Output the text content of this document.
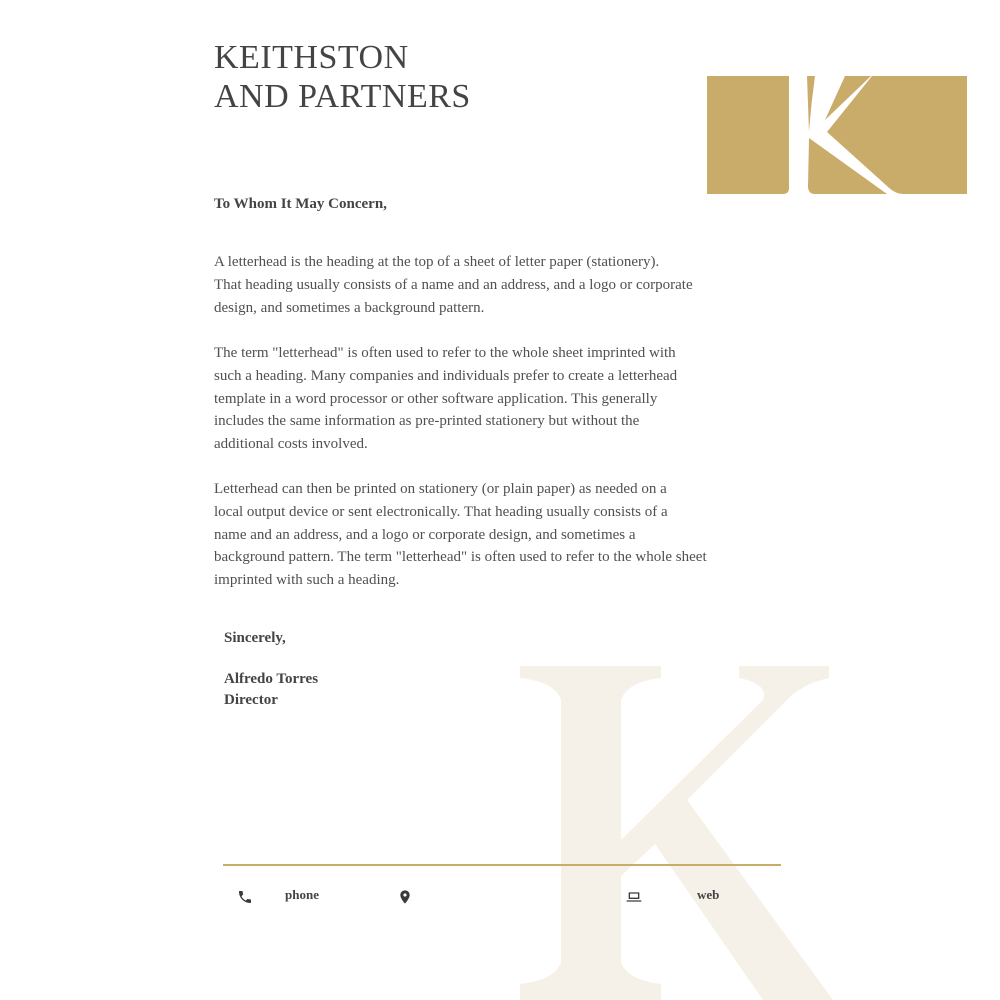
KEITHSTON
AND PARTNERS
To Whom It May Concern,

A letterhead is the heading at the top of a sheet of letter paper (stationery).
That heading usually consists of a name and an address, and a logo or corporate
design, and sometimes a background pattern.

The term "letterhead" is often used to refer to the whole sheet imprinted with
such a heading. Many companies and individuals prefer to create a letterhead
template in a word processor or other software application. This generally
includes the same information as pre-printed stationery but without the
additional costs involved.

Letterhead can then be printed on stationery (or plain paper) as needed on a
local output device or sent electronically. That heading usually consists of a
name and an address, and a logo or corporate design, and sometimes a
background pattern. The term "letterhead" is often used to refer to the whole sheet
imprinted with such a heading.

Sincerely,
Alfredo Torres
Director
phone	web
